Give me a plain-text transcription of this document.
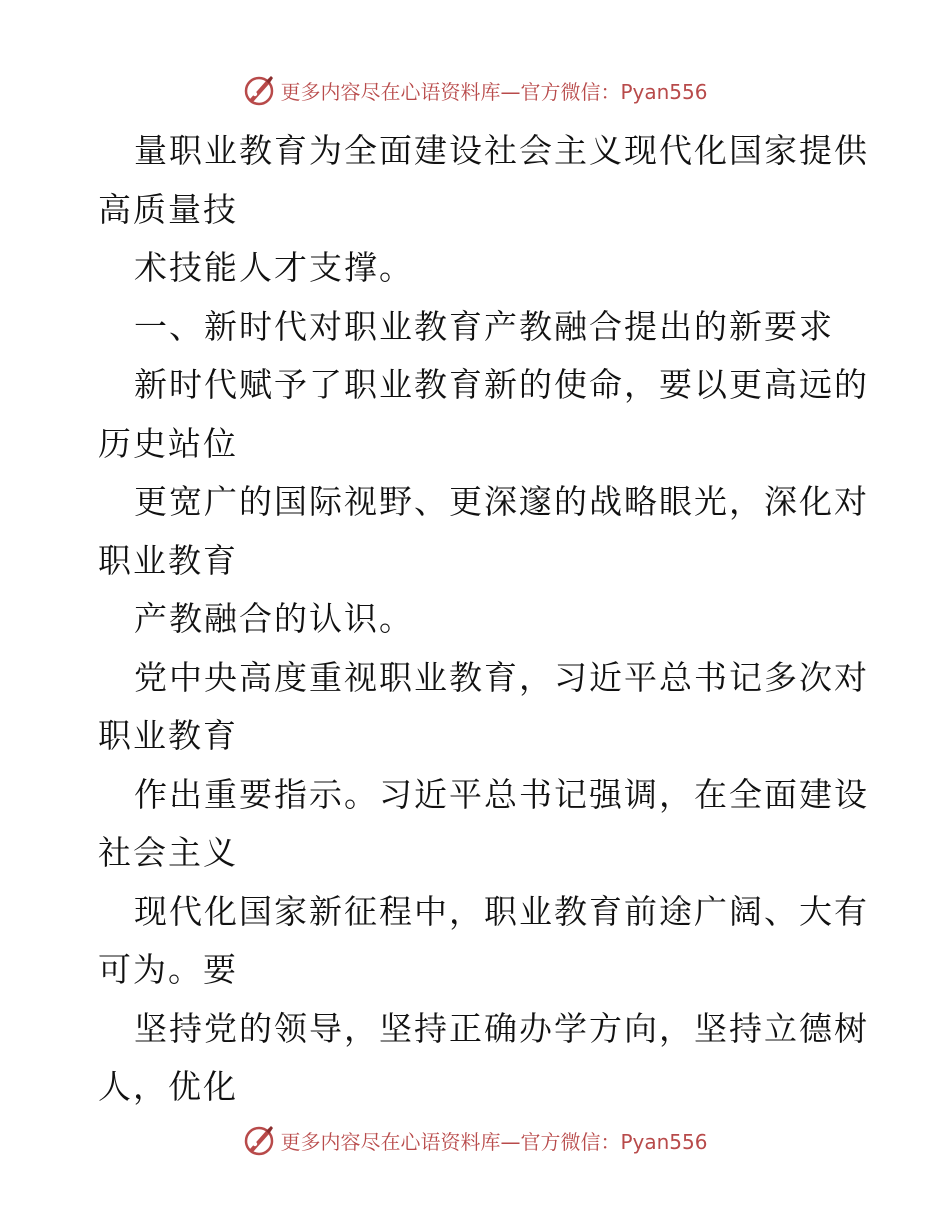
更多内容尽在心语资料库—官方微信：Pyan556
量职业教育为全面建设社会主义现代化国家提供
高质量技
术技能人才支撑。
一、新时代对职业教育产教融合提出的新要求
新时代赋予了职业教育新的使命，要以更高远的
历史站位
更宽广的国际视野、更深邃的战略眼光，深化对
职业教育
产教融合的认识。
党中央高度重视职业教育，习近平总书记多次对
职业教育
作出重要指示。习近平总书记强调，在全面建设
社会主义
现代化国家新征程中，职业教育前途广阔、大有
可为。要
坚持党的领导，坚持正确办学方向，坚持立德树
人，优化
更多内容尽在心语资料库—官方微信：Pyan556
